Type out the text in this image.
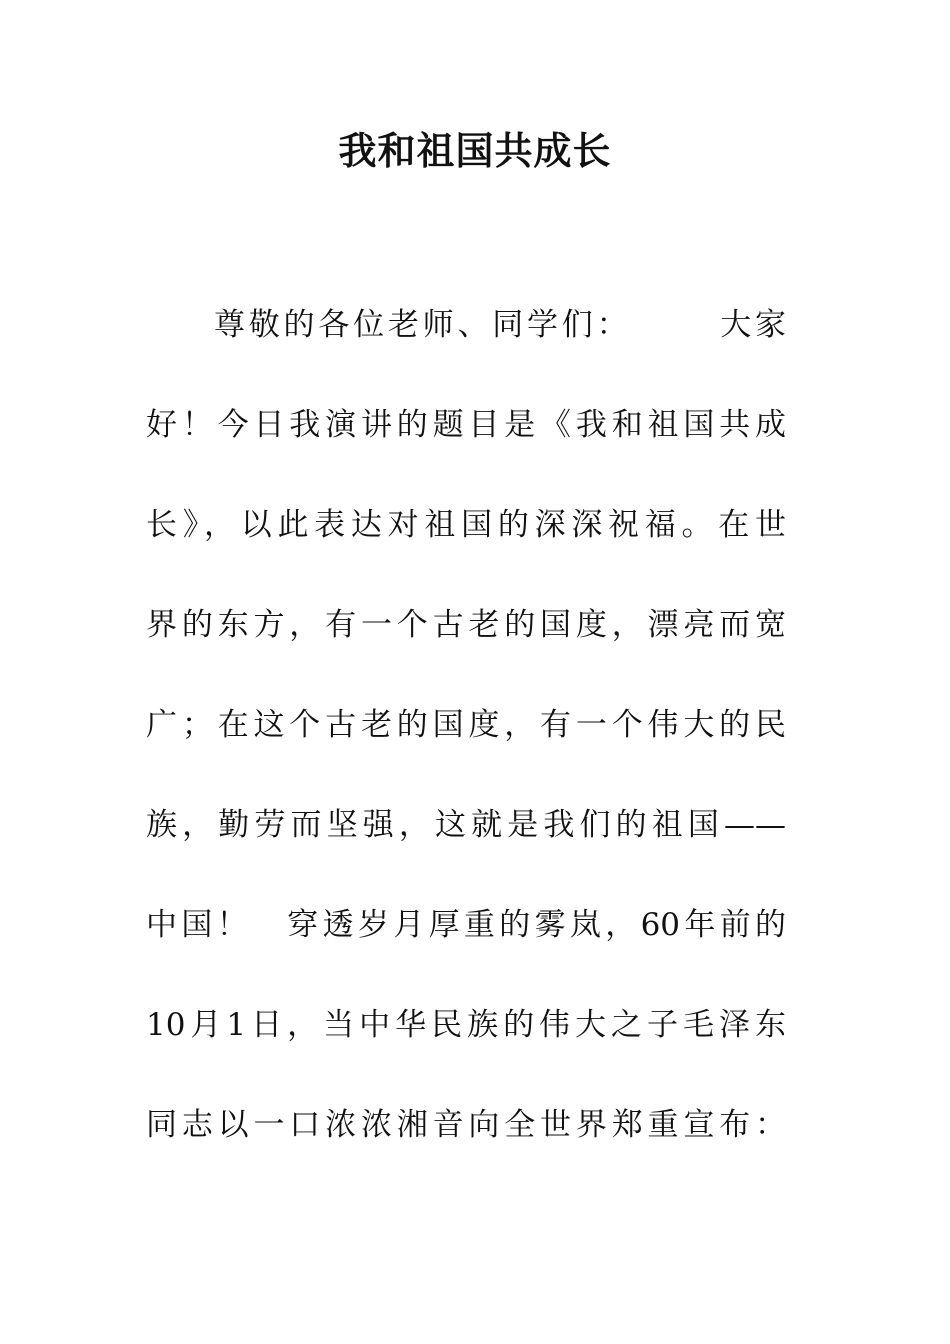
我和祖国共成长
尊敬的各位老师、同学们：　　　大家
好！今日我演讲的题目是《我和祖国共成
长》，以此表达对祖国的深深祝福。在世
界的东方，有一个古老的国度，漂亮而宽
广；在这个古老的国度，有一个伟大的民
族，勤劳而坚强，这就是我们的祖国——
中国！　穿透岁月厚重的雾岚，60年前的
10月1日，当中华民族的伟大之子毛泽东
同志以一口浓浓湘音向全世界郑重宣布：
